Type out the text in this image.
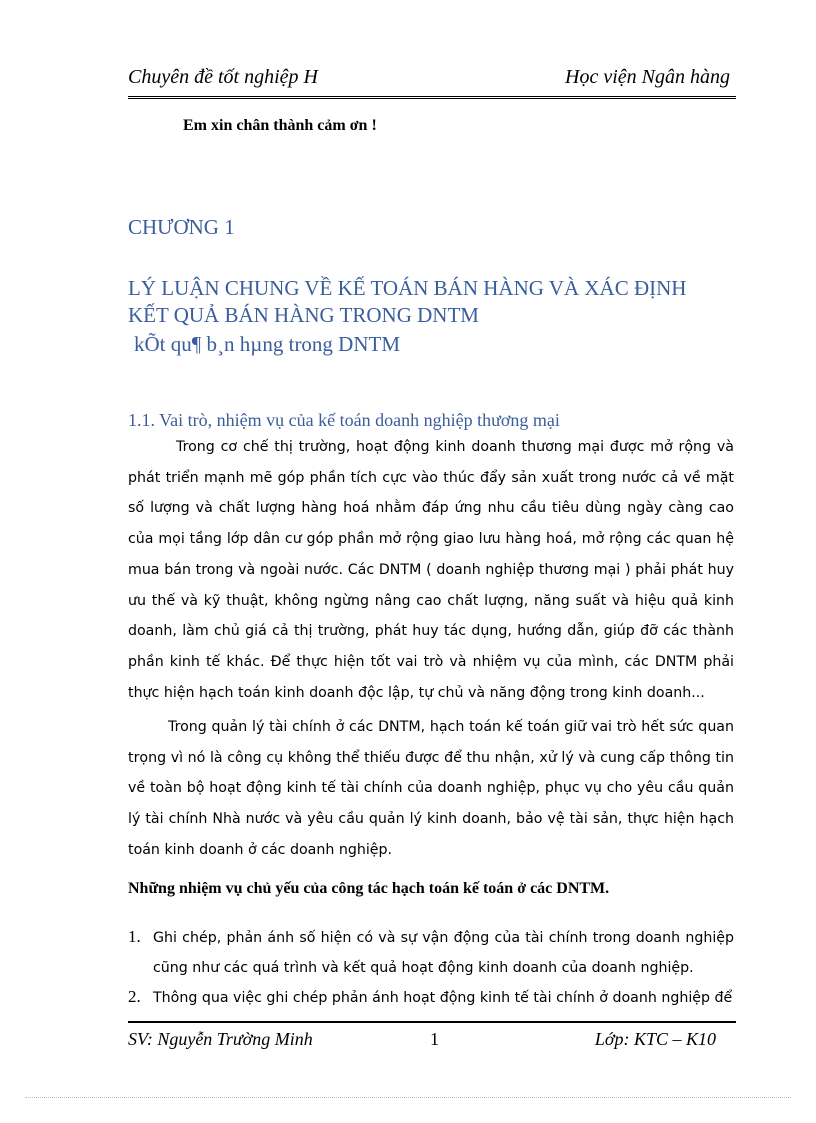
Chuyên đề tốt nghiệp H	Học viện Ngân hàng
Em xin chân thành cảm ơn !
CHƯƠNG 1
LÝ LUẬN CHUNG VỀ KẾ TOÁN BÁN HÀNG VÀ XÁC ĐỊNH
KẾT QUẢ BÁN HÀNG TRONG DNTM
kÕt qu¶ b¸n hµng trong DNTM
1.1. Vai trò, nhiệm vụ của kế toán doanh nghiệp thương mại

Trong cơ chế thị trường, hoạt động kinh doanh thương mại được mở rộng và phát triển mạnh mẽ góp phần tích cực vào thúc đẩy sản xuất trong nước cả về mặt số lượng và chất lượng hàng hoá nhằm đáp ứng nhu cầu tiêu dùng ngày càng cao của mọi tầng lớp dân cư góp phần mở rộng giao lưu hàng hoá, mở rộng các quan hệ mua bán trong và ngoài nước. Các DNTM ( doanh nghiệp thương mại ) phải phát huy ưu thế và kỹ thuật, không ngừng nâng cao chất lượng, năng suất và hiệu quả kinh doanh, làm chủ giá cả thị trường, phát huy tác dụng, hướng dẫn, giúp đỡ các thành phần kinh tế khác. Để thực hiện tốt vai trò và nhiệm vụ của mình, các DNTM phải thực hiện hạch toán kinh doanh độc lập, tự chủ và năng động trong kinh doanh...

Trong quản lý tài chính ở các DNTM, hạch toán kế toán giữ vai trò hết sức quan trọng vì nó là công cụ không thể thiếu được để thu nhận, xử lý và cung cấp thông tin về toàn bộ hoạt động kinh tế tài chính của doanh nghiệp, phục vụ cho yêu cầu quản lý tài chính Nhà nước và yêu cầu quản lý kinh doanh, bảo vệ tài sản, thực hiện hạch toán kinh doanh ở các doanh nghiệp.

Những nhiệm vụ chủ yếu của công tác hạch toán kế toán ở các DNTM.
1. Ghi chép, phản ánh số hiện có và sự vận động của tài chính trong doanh nghiệp cũng như các quá trình và kết quả hoạt động kinh doanh của doanh nghiệp.
2. Thông qua việc ghi chép phản ánh hoạt động kinh tế tài chính ở doanh nghiệp để
SV: Nguyễn Trường Minh	1	Lớp: KTC – K10
